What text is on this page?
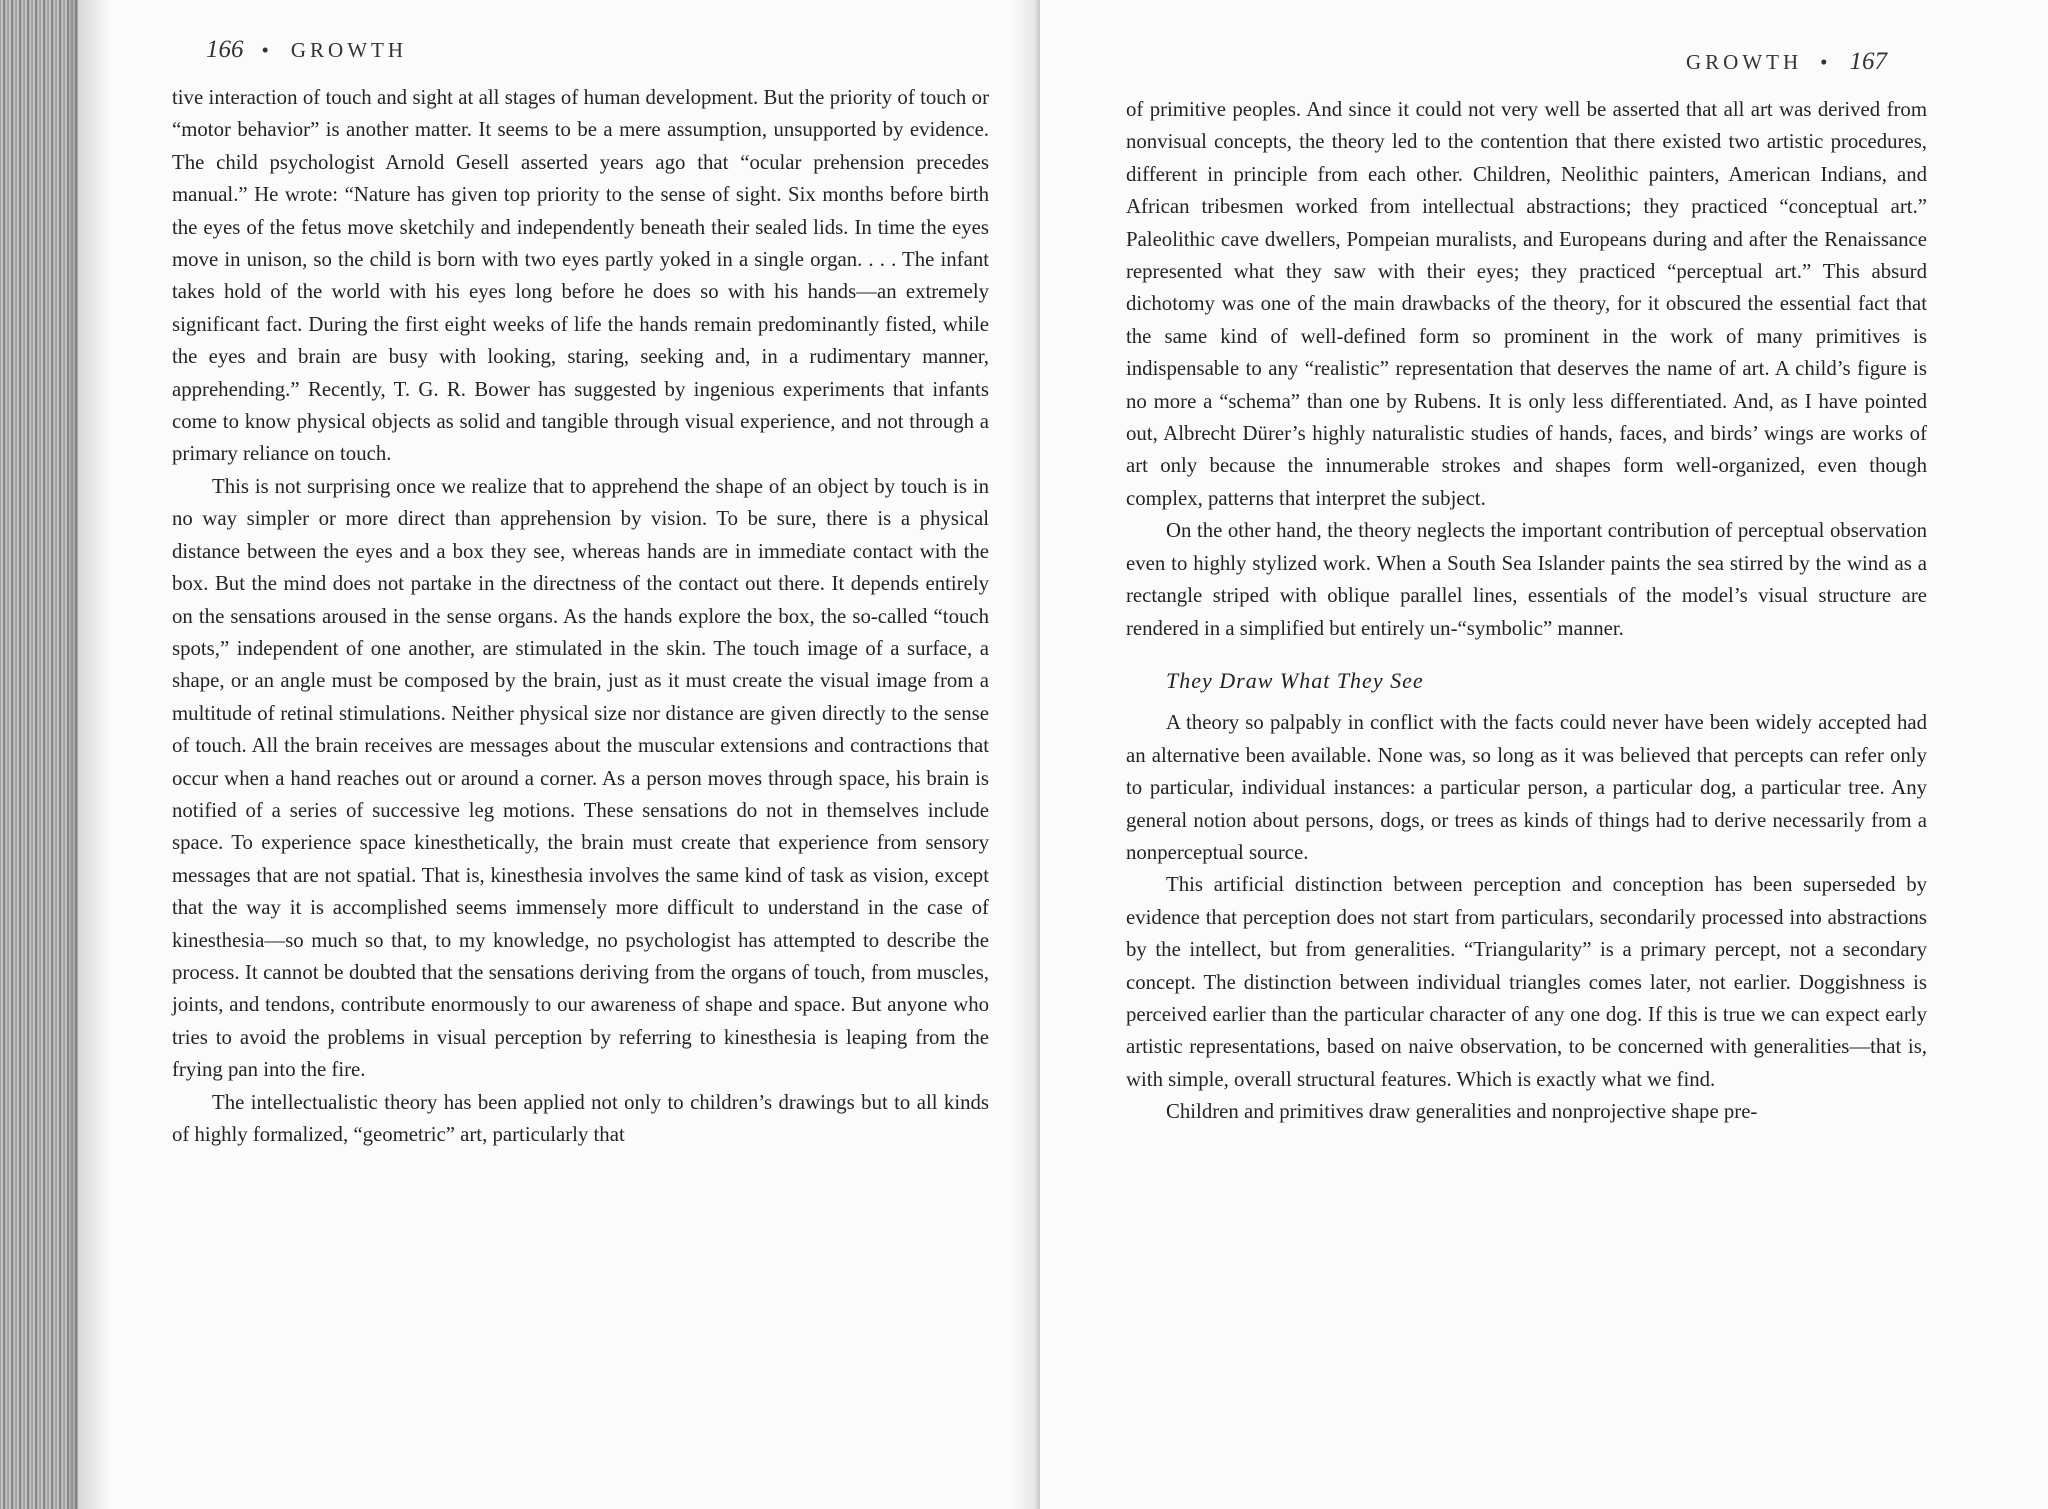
166 • GROWTH

tive interaction of touch and sight at all stages of human development. But the priority of touch or “motor behavior” is another matter. It seems to be a mere assumption, unsupported by evidence. The child psychologist Arnold Gesell asserted years ago that “ocular prehension precedes manual.” He wrote: “Nature has given top priority to the sense of sight. Six months before birth the eyes of the fetus move sketchily and independently beneath their sealed lids. In time the eyes move in unison, so the child is born with two eyes partly yoked in a single organ. . . . The infant takes hold of the world with his eyes long before he does so with his hands—an extremely significant fact. During the first eight weeks of life the hands remain predominantly fisted, while the eyes and brain are busy with looking, staring, seeking and, in a rudimentary manner, apprehending.” Recently, T. G. R. Bower has suggested by ingenious experiments that infants come to know physical objects as solid and tangible through visual experience, and not through a primary reliance on touch.

This is not surprising once we realize that to apprehend the shape of an object by touch is in no way simpler or more direct than apprehension by vision. To be sure, there is a physical distance between the eyes and a box they see, whereas hands are in immediate contact with the box. But the mind does not partake in the directness of the contact out there. It depends entirely on the sensations aroused in the sense organs. As the hands explore the box, the so-called “touch spots,” independent of one another, are stimulated in the skin. The touch image of a surface, a shape, or an angle must be composed by the brain, just as it must create the visual image from a multitude of retinal stimulations. Neither physical size nor distance are given directly to the sense of touch. All the brain receives are messages about the muscular extensions and contractions that occur when a hand reaches out or around a corner. As a person moves through space, his brain is notified of a series of successive leg motions. These sensations do not in themselves include space. To experience space kinesthetically, the brain must create that experience from sensory messages that are not spatial. That is, kinesthesia involves the same kind of task as vision, except that the way it is accomplished seems immensely more difficult to understand in the case of kinesthesia—so much so that, to my knowledge, no psychologist has attempted to describe the process. It cannot be doubted that the sensations deriving from the organs of touch, from muscles, joints, and tendons, contribute enormously to our awareness of shape and space. But anyone who tries to avoid the problems in visual perception by referring to kinesthesia is leaping from the frying pan into the fire.

The intellectualistic theory has been applied not only to children’s drawings but to all kinds of highly formalized, “geometric” art, particularly that

GROWTH • 167

of primitive peoples. And since it could not very well be asserted that all art was derived from nonvisual concepts, the theory led to the contention that there existed two artistic procedures, different in principle from each other. Children, Neolithic painters, American Indians, and African tribesmen worked from intellectual abstractions; they practiced “conceptual art.” Paleolithic cave dwellers, Pompeian muralists, and Europeans during and after the Renaissance represented what they saw with their eyes; they practiced “perceptual art.” This absurd dichotomy was one of the main drawbacks of the theory, for it obscured the essential fact that the same kind of well-defined form so prominent in the work of many primitives is indispensable to any “realistic” representation that deserves the name of art. A child’s figure is no more a “schema” than one by Rubens. It is only less differentiated. And, as I have pointed out, Albrecht Dürer’s highly naturalistic studies of hands, faces, and birds’ wings are works of art only because the innumerable strokes and shapes form well-organized, even though complex, patterns that interpret the subject.

On the other hand, the theory neglects the important contribution of perceptual observation even to highly stylized work. When a South Sea Islander paints the sea stirred by the wind as a rectangle striped with oblique parallel lines, essentials of the model’s visual structure are rendered in a simplified but entirely un-“symbolic” manner.

They Draw What They See

A theory so palpably in conflict with the facts could never have been widely accepted had an alternative been available. None was, so long as it was believed that percepts can refer only to particular, individual instances: a particular person, a particular dog, a particular tree. Any general notion about persons, dogs, or trees as kinds of things had to derive necessarily from a nonperceptual source.

This artificial distinction between perception and conception has been superseded by evidence that perception does not start from particulars, secondarily processed into abstractions by the intellect, but from generalities. “Triangularity” is a primary percept, not a secondary concept. The distinction between individual triangles comes later, not earlier. Doggishness is perceived earlier than the particular character of any one dog. If this is true we can expect early artistic representations, based on naive observation, to be concerned with generalities—that is, with simple, overall structural features. Which is exactly what we find.

Children and primitives draw generalities and nonprojective shape pre-
